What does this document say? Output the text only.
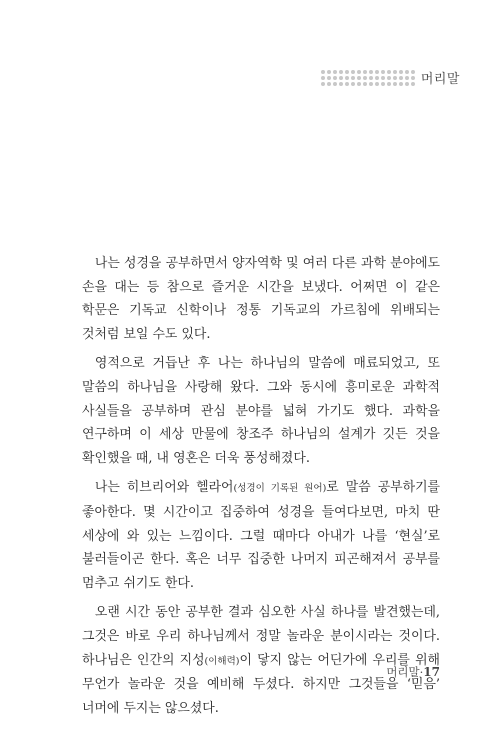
머리말

나는 성경을 공부하면서 양자역학 및 여러 다른 과학 분야에도 손을 대는 등 참으로 즐거운 시간을 보냈다. 어쩌면 이 같은 학문은 기독교 신학이나 정통 기독교의 가르침에 위배되는 것처럼 보일 수도 있다.

영적으로 거듭난 후 나는 하나님의 말씀에 매료되었고, 또 말씀의 하나님을 사랑해 왔다. 그와 동시에 흥미로운 과학적 사실들을 공부하며 관심 분야를 넓혀 가기도 했다. 과학을 연구하며 이 세상 만물에 창조주 하나님의 설계가 깃든 것을 확인했을 때, 내 영혼은 더욱 풍성해졌다.

나는 히브리어와 헬라어(성경이 기록된 원어)로 말씀 공부하기를 좋아한다. 몇 시간이고 집중하여 성경을 들여다보면, 마치 딴 세상에 와 있는 느낌이다. 그럴 때마다 아내가 나를 ‘현실’로 불러들이곤 한다. 혹은 너무 집중한 나머지 피곤해져서 공부를 멈추고 쉬기도 한다.

오랜 시간 동안 공부한 결과 심오한 사실 하나를 발견했는데, 그것은 바로 우리 하나님께서 정말 놀라운 분이시라는 것이다. 하나님은 인간의 지성(이해력)이 닿지 않는 어딘가에 우리를 위해 무언가 놀라운 것을 예비해 두셨다. 하지만 그것들을 ‘믿음’ 너머에 두지는 않으셨다.

머리말·17
